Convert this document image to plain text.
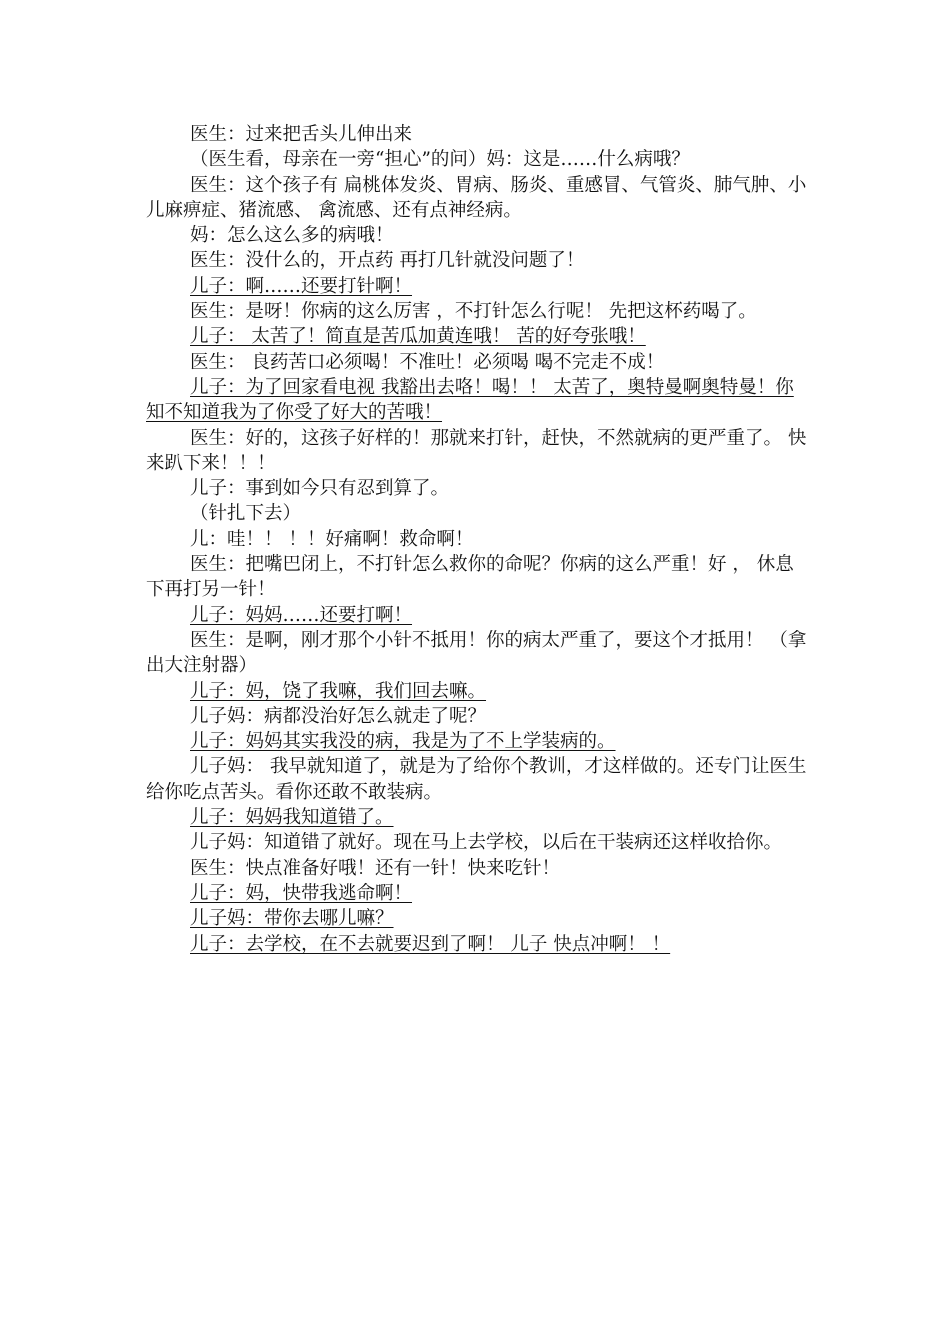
医生：过来把舌头儿伸出来

（医生看，母亲在一旁“担心”的问）妈：这是……什么病哦？

医生：这个孩子有 扁桃体发炎、胃病、肠炎、重感冒、气管炎、肺气肿、小儿麻痹症、猪流感、 禽流感、还有点神经病。

妈：怎么这么多的病哦！

医生：没什么的，开点药 再打几针就没问题了！

儿子：啊……还要打针啊！

医生：是呀！你病的这么厉害 ，不打针怎么行呢！ 先把这杯药喝了。

儿子： 太苦了！简直是苦瓜加黄连哦！ 苦的好夸张哦！

医生： 良药苦口必须喝！不准吐！必须喝 喝不完走不成！

儿子：为了回家看电视 我豁出去咯！喝！！ 太苦了，奥特曼啊奥特曼！你知不知道我为了你受了好大的苦哦！

医生：好的，这孩子好样的！那就来打针，赶快，不然就病的更严重了。 快来趴下来！！！

儿子：事到如今只有忍到算了。

（针扎下去）

儿：哇！！ ！！好痛啊！救命啊！

医生：把嘴巴闭上，不打针怎么救你的命呢？你病的这么严重！好 ， 休息下再打另一针！

儿子：妈妈……还要打啊！

医生：是啊，刚才那个小针不抵用！你的病太严重了，要这个才抵用！ （拿出大注射器）

儿子：妈，饶了我嘛，我们回去嘛。

儿子妈：病都没治好怎么就走了呢？

儿子：妈妈其实我没的病，我是为了不上学装病的。

儿子妈： 我早就知道了，就是为了给你个教训，才这样做的。还专门让医生给你吃点苦头。看你还敢不敢装病。

儿子：妈妈我知道错了。

儿子妈：知道错了就好。现在马上去学校，以后在干装病还这样收拾你。

医生：快点准备好哦！还有一针！快来吃针！

儿子：妈，快带我逃命啊！

儿子妈：带你去哪儿嘛？

儿子：去学校，在不去就要迟到了啊！ 儿子 快点冲啊！ ！
